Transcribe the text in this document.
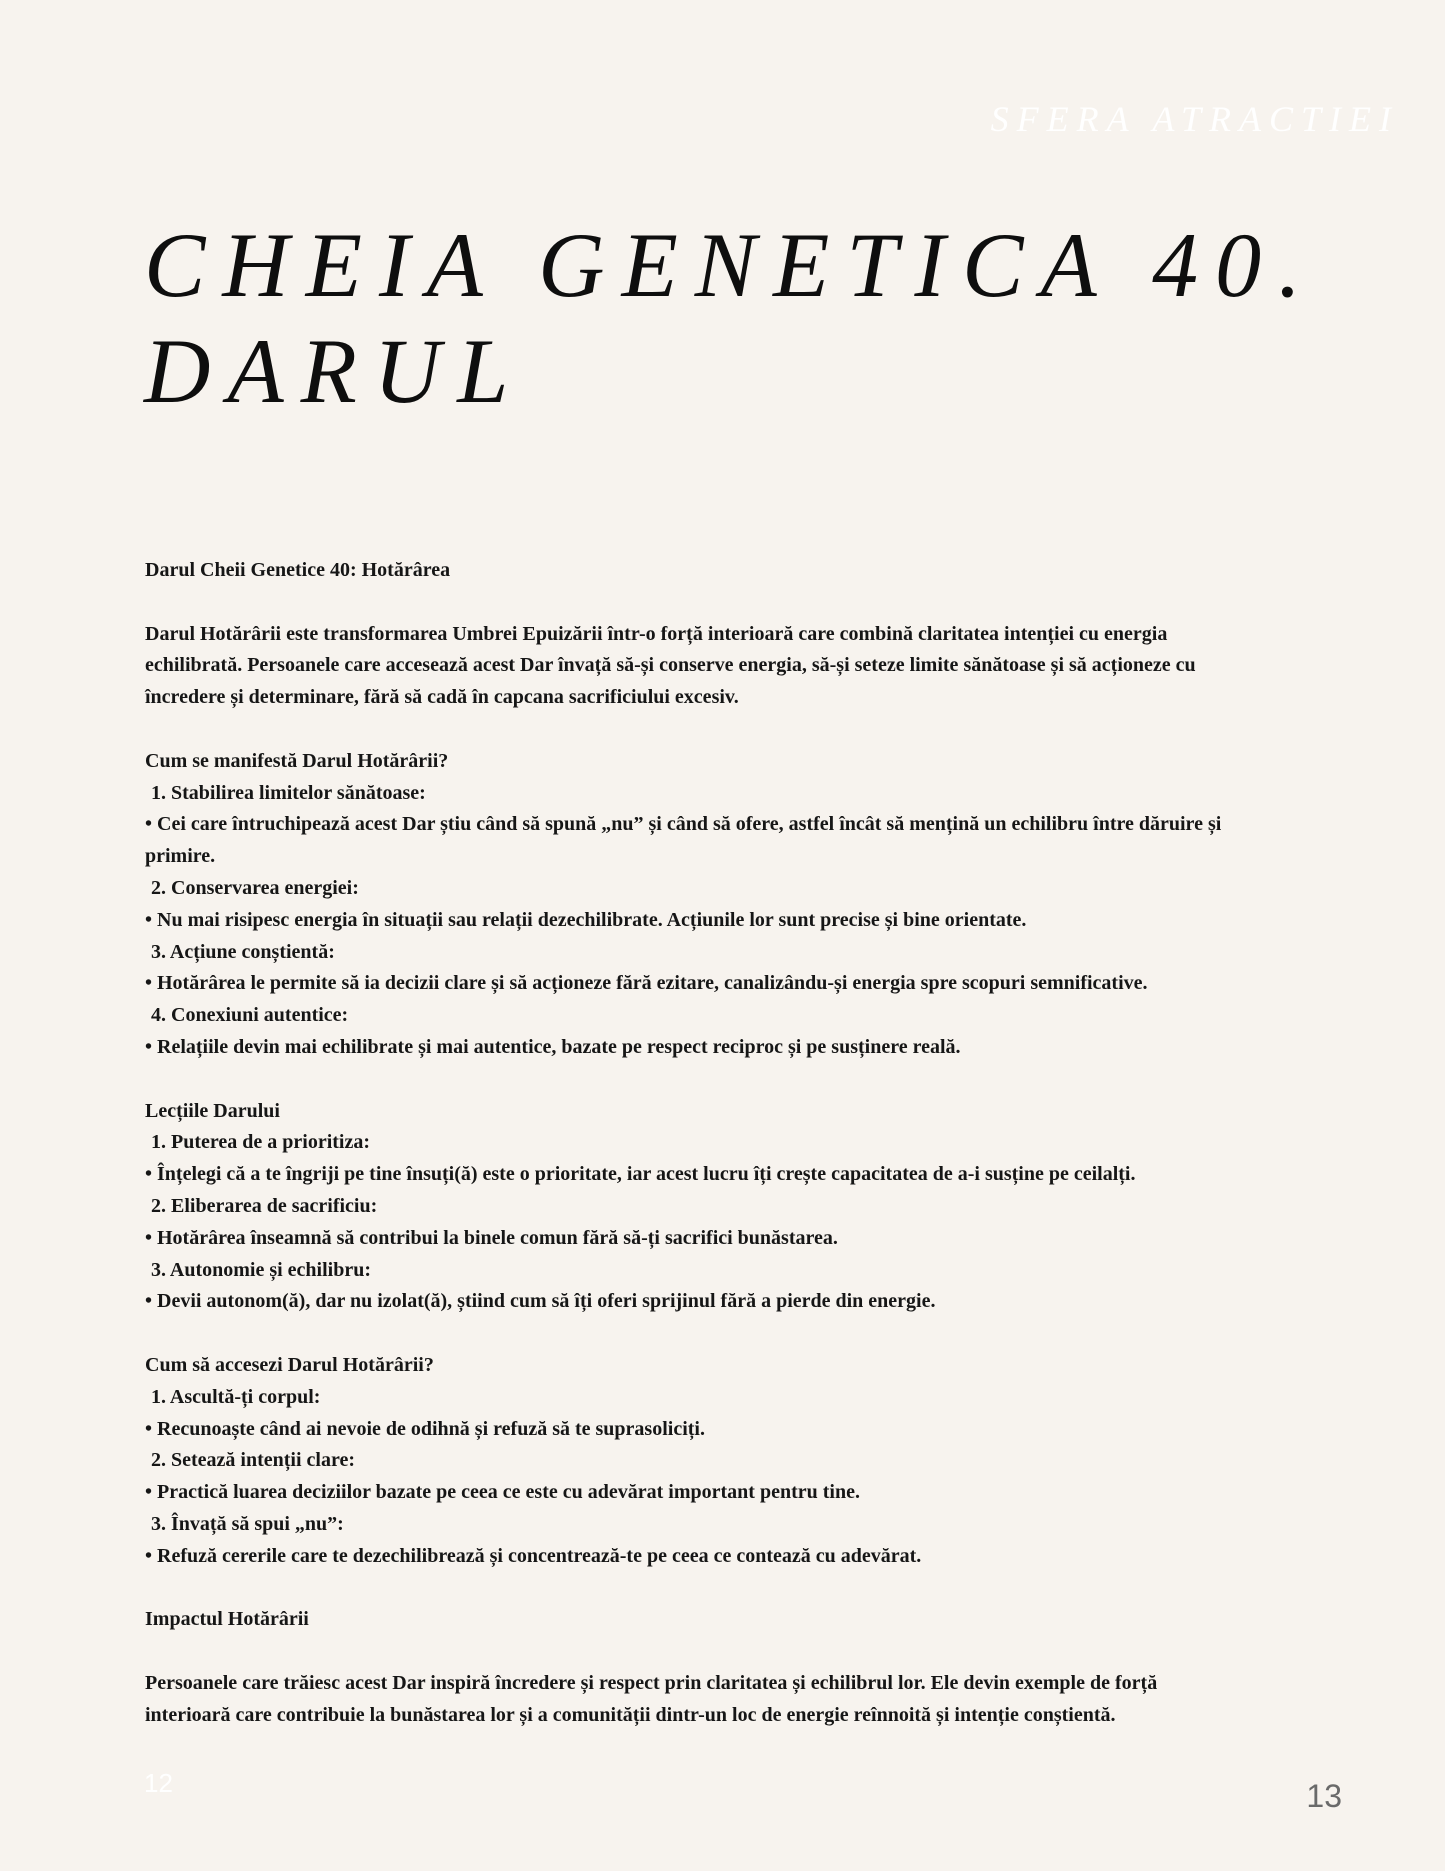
SFERA ATRACTIEI
CHEIA GENETICA 40.
DARUL

Darul Cheii Genetice 40: Hotărârea

Darul Hotărârii este transformarea Umbrei Epuizării într-o forță interioară care combină claritatea intenției cu energia

echilibrată. Persoanele care accesează acest Dar învață să-și conserve energia, să-și seteze limite sănătoase și să acționeze cu

încredere și determinare, fără să cadă în capcana sacrificiului excesiv.

Cum se manifestă Darul Hotărârii?

1. Stabilirea limitelor sănătoase:

• Cei care întruchipează acest Dar știu când să spună „nu” și când să ofere, astfel încât să mențină un echilibru între dăruire și

primire.

2. Conservarea energiei:

• Nu mai risipesc energia în situații sau relații dezechilibrate. Acțiunile lor sunt precise și bine orientate.

3. Acțiune conștientă:

• Hotărârea le permite să ia decizii clare și să acționeze fără ezitare, canalizându-și energia spre scopuri semnificative.

4. Conexiuni autentice:

• Relațiile devin mai echilibrate și mai autentice, bazate pe respect reciproc și pe susținere reală.

Lecțiile Darului

1. Puterea de a prioritiza:

• Înțelegi că a te îngriji pe tine însuți(ă) este o prioritate, iar acest lucru îți crește capacitatea de a-i susține pe ceilalți.

2. Eliberarea de sacrificiu:

• Hotărârea înseamnă să contribui la binele comun fără să-ți sacrifici bunăstarea.

3. Autonomie și echilibru:

• Devii autonom(ă), dar nu izolat(ă), știind cum să îți oferi sprijinul fără a pierde din energie.

Cum să accesezi Darul Hotărârii?

1. Ascultă-ți corpul:

• Recunoaște când ai nevoie de odihnă și refuză să te suprasoliciți.

2. Setează intenții clare:

• Practică luarea deciziilor bazate pe ceea ce este cu adevărat important pentru tine.

3. Învață să spui „nu”:

• Refuză cererile care te dezechilibrează și concentrează-te pe ceea ce contează cu adevărat.

Impactul Hotărârii

Persoanele care trăiesc acest Dar inspiră încredere și respect prin claritatea și echilibrul lor. Ele devin exemple de forță

interioară care contribuie la bunăstarea lor și a comunității dintr-un loc de energie reînnoită și intenție conștientă.

12	13
